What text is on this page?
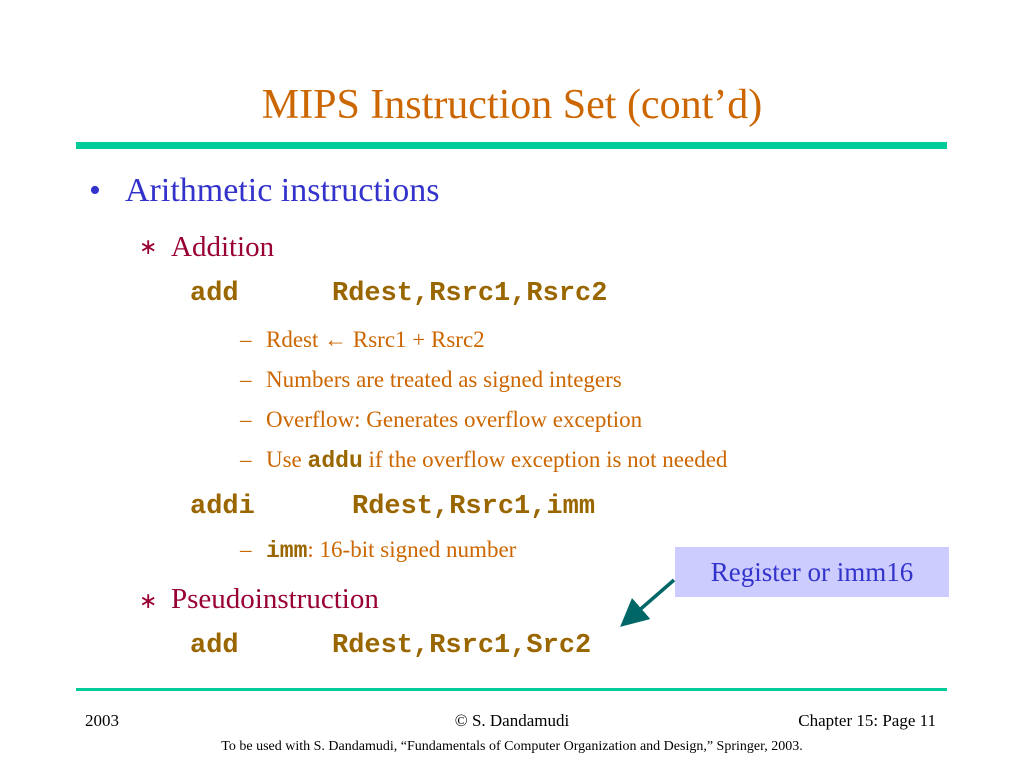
MIPS Instruction Set (cont’d)
• Arithmetic instructions
∗ Addition
add	Rdest,Rsrc1,Rsrc2
– Rdest ← Rsrc1 + Rsrc2
– Numbers are treated as signed integers
– Overflow: Generates overflow exception
– Use addu if the overflow exception is not needed
addi	Rdest,Rsrc1,imm
– imm: 16-bit signed number
Register or imm16
∗ Pseudoinstruction
add	Rdest,Rsrc1,Src2
2003	© S. Dandamudi	Chapter 15: Page 11
To be used with S. Dandamudi, “Fundamentals of Computer Organization and Design,” Springer, 2003.
